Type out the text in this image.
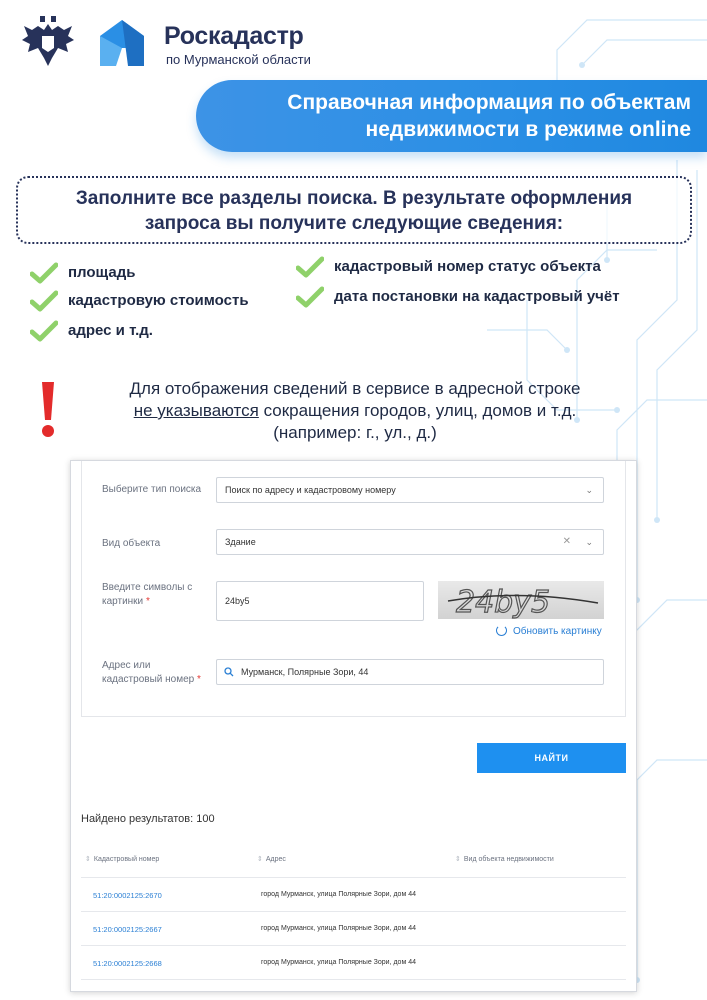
Роскадастр
по Мурманской области
Справочная информация по объектам
недвижимости в режиме online
Заполните все разделы поиска. В результате оформления
запроса вы получите следующие сведения:
площадь
кадастровую стоимость
адрес и т.д.
кадастровый номер статус объекта
дата постановки на кадастровый учёт
Для отображения сведений в сервисе в адресной строке
не указываются сокращения городов, улиц, домов и т.д.
(например: г., ул., д.)
Выберите тип поиска	Поиск по адресу и кадастровому номеру	⌄
Вид объекта	Здание	✕ ⌄
Введите символы с
картинки *	24by5	24by5
Обновить картинку
Адрес или
кадастровый номер *
Мурманск, Полярные Зори, 44
НАЙТИ
Найдено результатов: 100
⇕ Кадастровый номер	⇕ Адрес	⇕ Вид объекта недвижимости
51:20:0002125:2670	город Мурманск, улица Полярные Зори, дом 44
51:20:0002125:2667	город Мурманск, улица Полярные Зори, дом 44
51:20:0002125:2668	город Мурманск, улица Полярные Зори, дом 44
